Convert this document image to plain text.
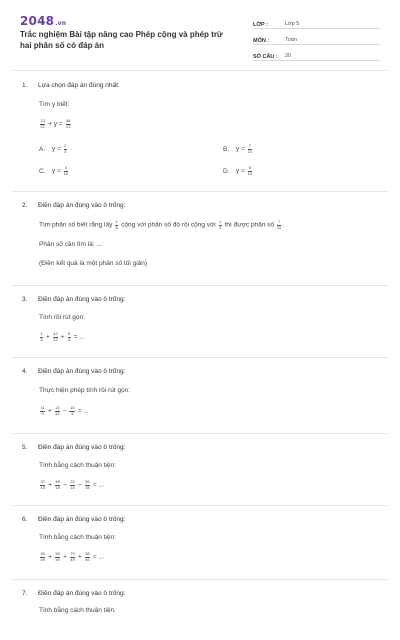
2048.vn
Trắc nghiệm Bài tập nâng cao Phép cộng và phép trừ hai phân số có đáp án
LỚP :	Lớp 5
MÔN :	Toán
SỐ CÂU :	20
1. Lựa chọn đáp án đúng nhất:
Tìm y biết:
$\frac{13}{21} + y = \frac{48}{21}$
A. $y = \frac{2}{3}$	B. $y = \frac{7}{21}$
C. $y = \frac{4}{15}$	D. $y = \frac{5}{15}$
2. Điền đáp án đúng vào ô trống:
Tìm phân số biết rằng lấy $\frac{1}{6}$ cộng với phân số đó rồi cộng với $\frac{1}{3}$ thì được phân số $\frac{7}{10}$ .
Phân số cần tìm là: ...
(Điền kết quả là một phân số tối giản)
3. Điền đáp án đúng vào ô trống:
Tính rồi rút gọn:
$\frac{1}{6} + \frac{42}{12} + \frac{8}{3}$ = ...
4. Điền đáp án đúng vào ô trống:
Thực hiện phép tính rồi rút gọn:
$\frac{11}{9} + \frac{13}{12} - \frac{13}{4}$ = ...
5. Điền đáp án đúng vào ô trống:
Tính bằng cách thuận tiện:
$\frac{37}{15} + \frac{48}{15} - \frac{22}{15} - \frac{35}{15}$ = ...
6. Điền đáp án đúng vào ô trống:
Tính bằng cách thuận tiện:
$\frac{30}{49} + \frac{30}{49} + \frac{70}{49} + \frac{38}{49}$ = ...
7. Điền đáp án đúng vào ô trống:
Tính bằng cách thuận tiện:
